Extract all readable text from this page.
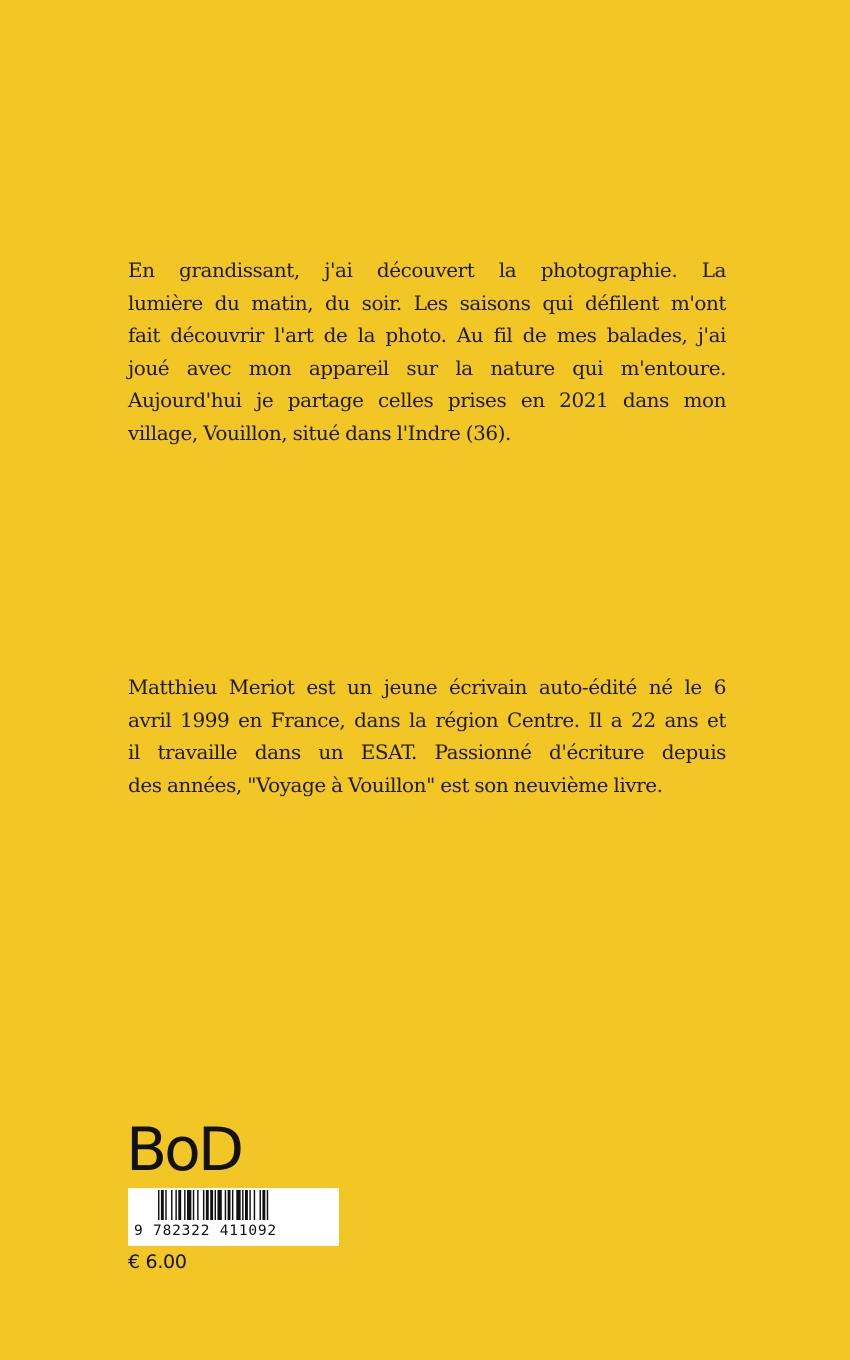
En grandissant, j'ai découvert la photographie. La
lumière du matin, du soir. Les saisons qui défilent m'ont
fait découvrir l'art de la photo. Au fil de mes balades, j'ai
joué avec mon appareil sur la nature qui m'entoure.
Aujourd'hui je partage celles prises en 2021 dans mon
village, Vouillon, situé dans l'Indre (36).

Matthieu Meriot est un jeune écrivain auto-édité né le 6
avril 1999 en France, dans la région Centre. Il a 22 ans et
il travaille dans un ESAT. Passionné d'écriture depuis
des années, "Voyage à Vouillon" est son neuvième livre.

BoD
9 782322 411092
€ 6.00
